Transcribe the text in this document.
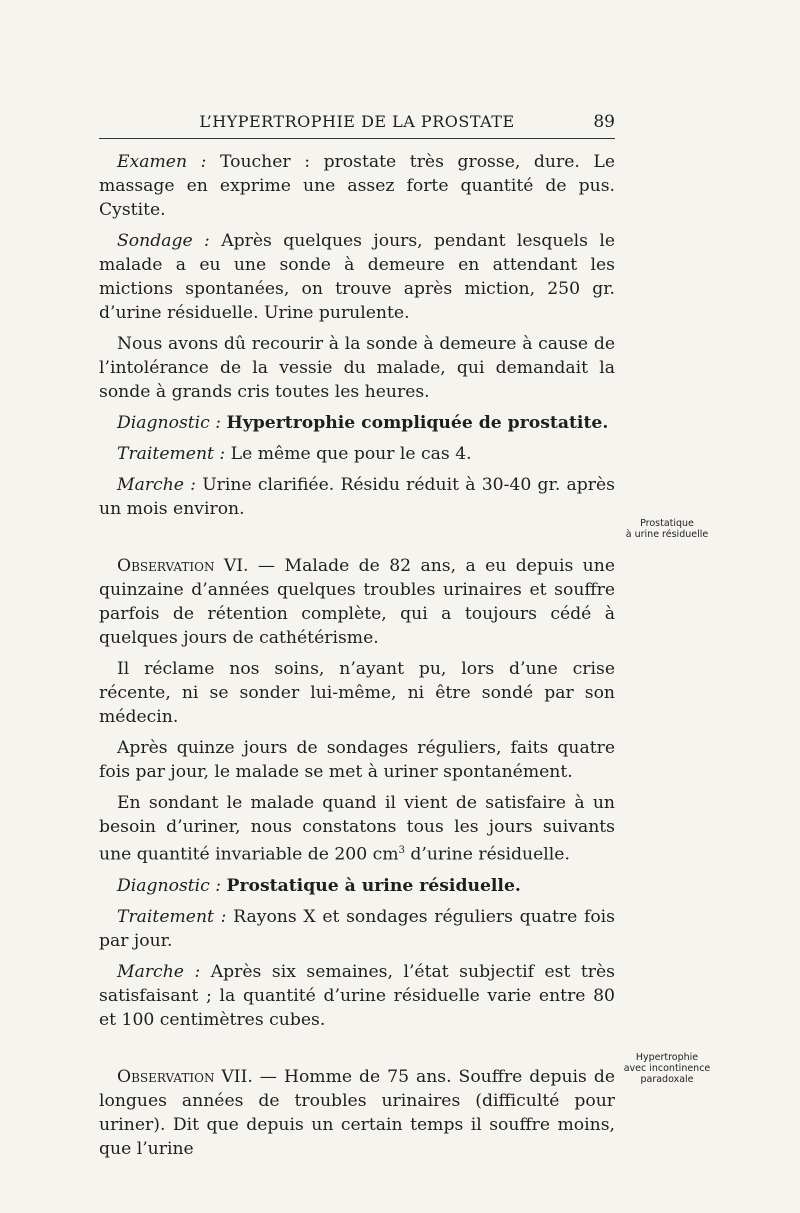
L’HYPERTROPHIE DE LA PROSTATE	89

Examen : Toucher : prostate très grosse, dure. Le massage en exprime une assez forte quantité de pus. Cystite.

Sondage : Après quelques jours, pendant lesquels le malade a eu une sonde à demeure en attendant les mictions spontanées, on trouve après miction, 250 gr. d’urine résiduelle. Urine purulente.

Nous avons dû recourir à la sonde à demeure à cause de l’intolérance de la vessie du malade, qui demandait la sonde à grands cris toutes les heures.

Diagnostic : Hypertrophie compliquée de prostatite.

Traitement : Le même que pour le cas 4.

Marche : Urine clarifiée. Résidu réduit à 30-40 gr. après un mois environ.

Observation VI. — Malade de 82 ans, a eu depuis une quinzaine d’années quelques troubles urinaires et souffre parfois de rétention complète, qui a toujours cédé à quelques jours de cathétérisme.

Il réclame nos soins, n’ayant pu, lors d’une crise récente, ni se sonder lui-même, ni être sondé par son médecin.

Après quinze jours de sondages réguliers, faits quatre fois par jour, le malade se met à uriner spontanément.

En sondant le malade quand il vient de satisfaire à un besoin d’uriner, nous constatons tous les jours suivants une quantité invariable de 200 $cm^3$ d’urine résiduelle.

Diagnostic : Prostatique à urine résiduelle.

Traitement : Rayons X et sondages réguliers quatre fois par jour.

Marche : Après six semaines, l’état subjectif est très satisfaisant ; la quantité d’urine résiduelle varie entre 80 et 100 centimètres cubes.

Observation VII. — Homme de 75 ans. Souffre depuis de longues années de troubles urinaires (difficulté pour uriner). Dit que depuis un certain temps il souffre moins, que l’urine

Prostatique
à urine résiduelle
Hypertrophie
avec incontinence
paradoxale
